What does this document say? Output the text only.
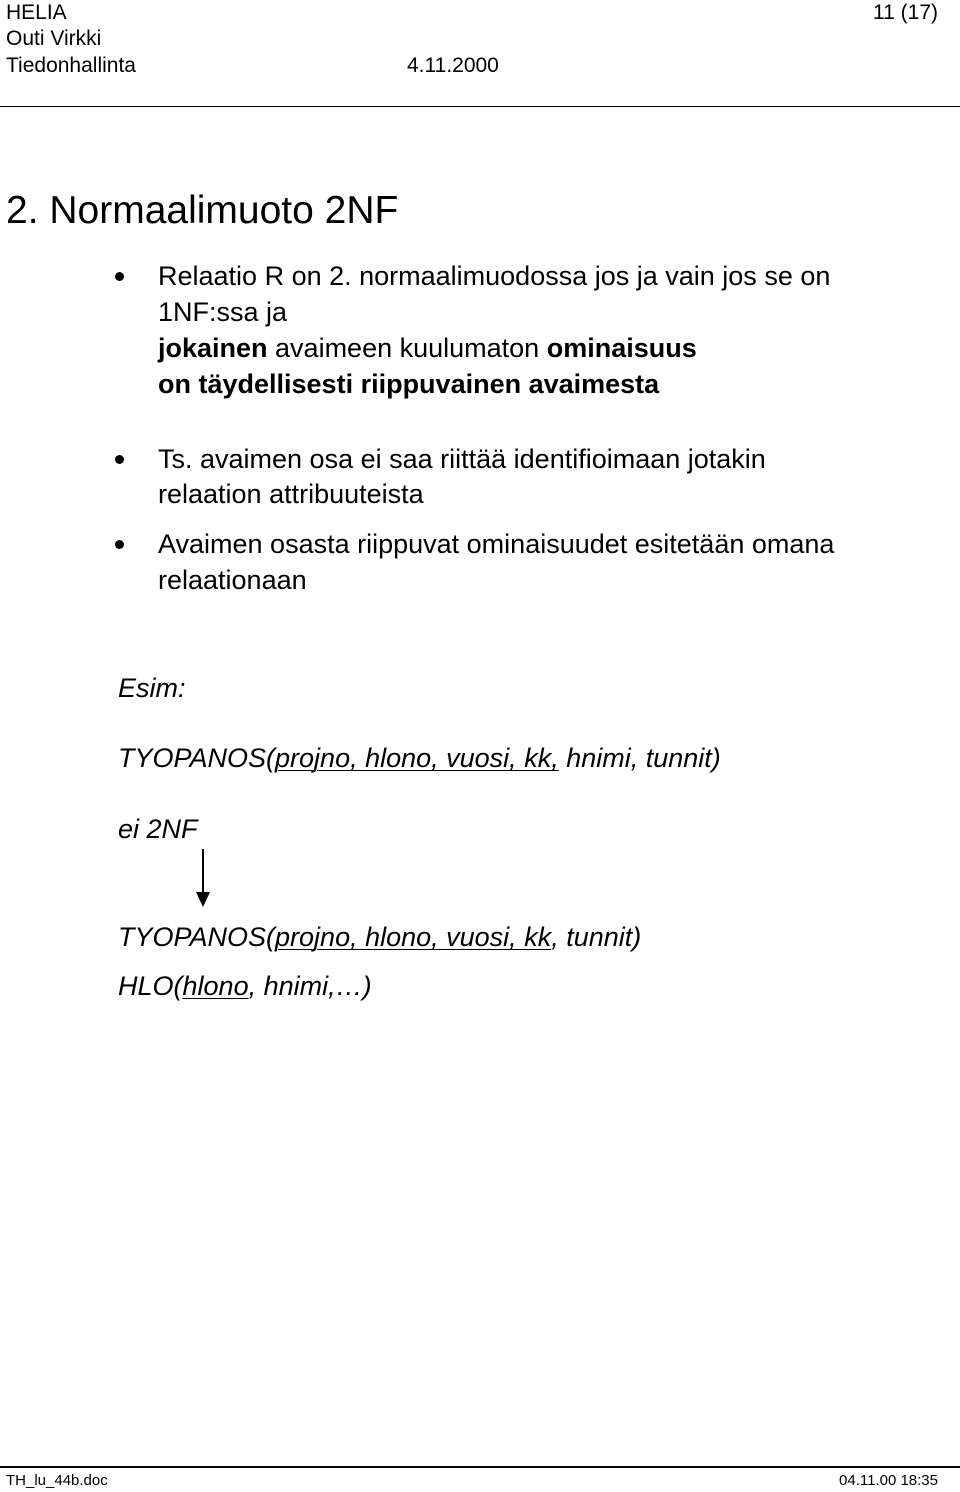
HELIA	11 (17)
Outi Virkki
Tiedonhallinta	4.11.2000
2. Normaalimuoto 2NF
Relaatio R on 2. normaalimuodossa jos ja vain jos se on
1NF:ssa ja
jokainen avaimeen kuulumaton ominaisuus
on täydellisesti riippuvainen avaimesta
Ts. avaimen osa ei saa riittää identifioimaan jotakin
relaation attribuuteista
Avaimen osasta riippuvat ominaisuudet esitetään omana
relaationaan
Esim:
TYOPANOS(projno, hlono, vuosi, kk, hnimi, tunnit)
ei 2NF
TYOPANOS(projno, hlono, vuosi, kk, tunnit)
HLO(hlono, hnimi,…)
TH_lu_44b.doc	04.11.00 18:35
